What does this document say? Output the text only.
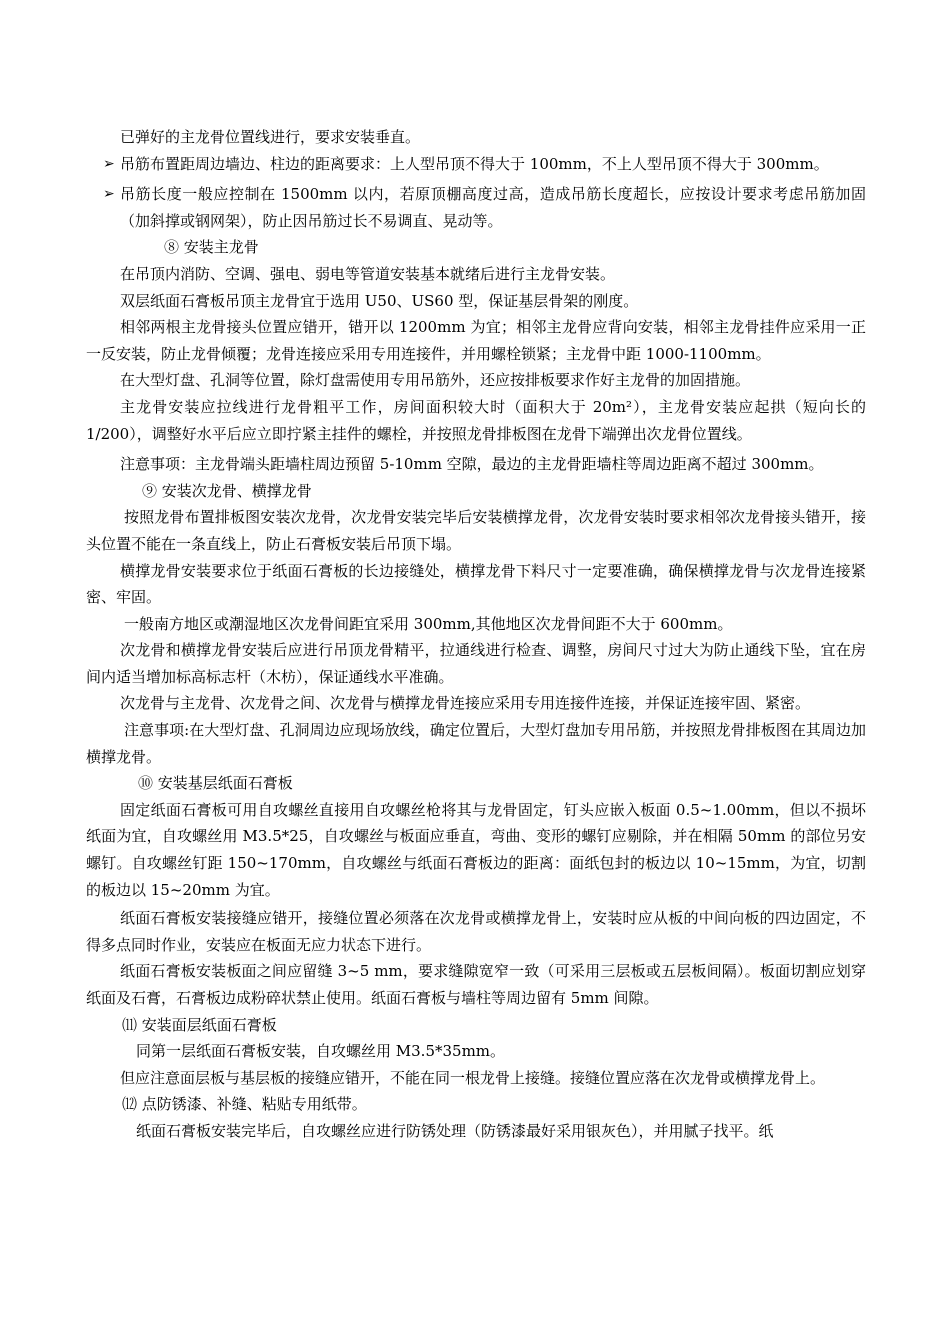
已弹好的主龙骨位置线进行，要求安装垂直。

➢ 吊筋布置距周边墙边、柱边的距离要求：上人型吊顶不得大于 100mm，不上人型吊顶不得大于 300mm。

➢ 吊筋长度一般应控制在 1500mm 以内，若原顶棚高度过高，造成吊筋长度超长，应按设计要求考虑吊筋加固（加斜撑或钢网架），防止因吊筋过长不易调直、晃动等。

⑧ 安装主龙骨

在吊顶内消防、空调、强电、弱电等管道安装基本就绪后进行主龙骨安装。

双层纸面石膏板吊顶主龙骨宜于选用 U50、US60 型，保证基层骨架的刚度。

相邻两根主龙骨接头位置应错开，错开以 1200mm 为宜；相邻主龙骨应背向安装，相邻主龙骨挂件应采用一正一反安装，防止龙骨倾覆；龙骨连接应采用专用连接件，并用螺栓锁紧；主龙骨中距 1000-1100mm。

在大型灯盘、孔洞等位置，除灯盘需使用专用吊筋外，还应按排板要求作好主龙骨的加固措施。

主龙骨安装应拉线进行龙骨粗平工作，房间面积较大时（面积大于 20m²），主龙骨安装应起拱（短向长的 1/200），调整好水平后应立即拧紧主挂件的螺栓，并按照龙骨排板图在龙骨下端弹出次龙骨位置线。

注意事项：主龙骨端头距墙柱周边预留 5-10mm 空隙，最边的主龙骨距墙柱等周边距离不超过 300mm。

⑨ 安装次龙骨、横撑龙骨

按照龙骨布置排板图安装次龙骨，次龙骨安装完毕后安装横撑龙骨，次龙骨安装时要求相邻次龙骨接头错开，接头位置不能在一条直线上，防止石膏板安装后吊顶下塌。

横撑龙骨安装要求位于纸面石膏板的长边接缝处，横撑龙骨下料尺寸一定要准确，确保横撑龙骨与次龙骨连接紧密、牢固。

一般南方地区或潮湿地区次龙骨间距宜采用 300mm,其他地区次龙骨间距不大于 600mm。

次龙骨和横撑龙骨安装后应进行吊顶龙骨精平，拉通线进行检查、调整，房间尺寸过大为防止通线下坠，宜在房间内适当增加标高标志杆（木枋），保证通线水平准确。

次龙骨与主龙骨、次龙骨之间、次龙骨与横撑龙骨连接应采用专用连接件连接，并保证连接牢固、紧密。

注意事项:在大型灯盘、孔洞周边应现场放线，确定位置后，大型灯盘加专用吊筋，并按照龙骨排板图在其周边加横撑龙骨。

⑩ 安装基层纸面石膏板

固定纸面石膏板可用自攻螺丝直接用自攻螺丝枪将其与龙骨固定，钉头应嵌入板面 0.5~1.00mm，但以不损坏纸面为宜，自攻螺丝用 M3.5*25，自攻螺丝与板面应垂直，弯曲、变形的螺钉应剔除，并在相隔 50mm 的部位另安螺钉。自攻螺丝钉距 150~170mm，自攻螺丝与纸面石膏板边的距离：面纸包封的板边以 10~15mm，为宜，切割的板边以 15~20mm 为宜。

纸面石膏板安装接缝应错开，接缝位置必须落在次龙骨或横撑龙骨上，安装时应从板的中间向板的四边固定，不得多点同时作业，安装应在板面无应力状态下进行。

纸面石膏板安装板面之间应留缝 3~5 mm，要求缝隙宽窄一致（可采用三层板或五层板间隔）。板面切割应划穿纸面及石膏，石膏板边成粉碎状禁止使用。纸面石膏板与墙柱等周边留有 5mm 间隙。

⑾ 安装面层纸面石膏板

同第一层纸面石膏板安装，自攻螺丝用 M3.5*35mm。

但应注意面层板与基层板的接缝应错开，不能在同一根龙骨上接缝。接缝位置应落在次龙骨或横撑龙骨上。

⑿ 点防锈漆、补缝、粘贴专用纸带。

纸面石膏板安装完毕后，自攻螺丝应进行防锈处理（防锈漆最好采用银灰色），并用腻子找平。纸
